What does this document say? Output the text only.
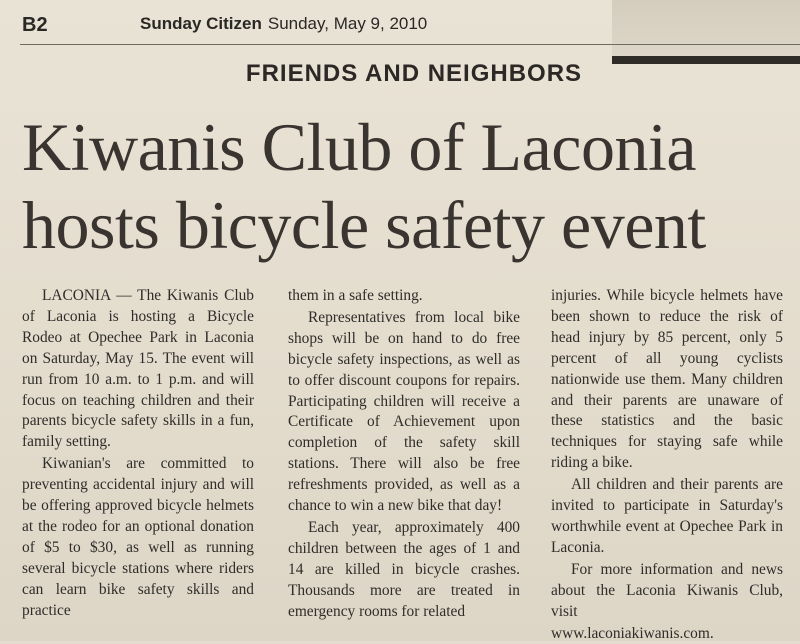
B2	Sunday Citizen Sunday, May 9, 2010
FRIENDS AND NEIGHBORS
Kiwanis Club of Laconia
hosts bicycle safety event

LACONIA — The Kiwanis Club of Laconia is hosting a Bicycle Rodeo at Opechee Park in Laconia on Saturday, May 15. The event will run from 10 a.m. to 1 p.m. and will focus on teaching children and their parents bicycle safety skills in a fun, family setting.

Kiwanian's are committed to preventing accidental injury and will be offering approved bicycle helmets at the rodeo for an optional donation of $5 to $30, as well as running several bicycle stations where riders can learn bike safety skills and practice

them in a safe setting.

Representatives from local bike shops will be on hand to do free bicycle safety inspections, as well as to offer discount coupons for repairs. Participating children will receive a Certificate of Achievement upon completion of the safety skill stations. There will also be free refreshments provided, as well as a chance to win a new bike that day!

Each year, approximately 400 children between the ages of 1 and 14 are killed in bicycle crashes. Thousands more are treated in emergency rooms for related

injuries. While bicycle helmets have been shown to reduce the risk of head injury by 85 percent, only 5 percent of all young cyclists nationwide use them. Many children and their parents are unaware of these statistics and the basic techniques for staying safe while riding a bike.

All children and their parents are invited to participate in Saturday's worthwhile event at Opechee Park in Laconia.

For more information and news about the Laconia Kiwanis Club, visit

www.laconiakiwanis.com.
